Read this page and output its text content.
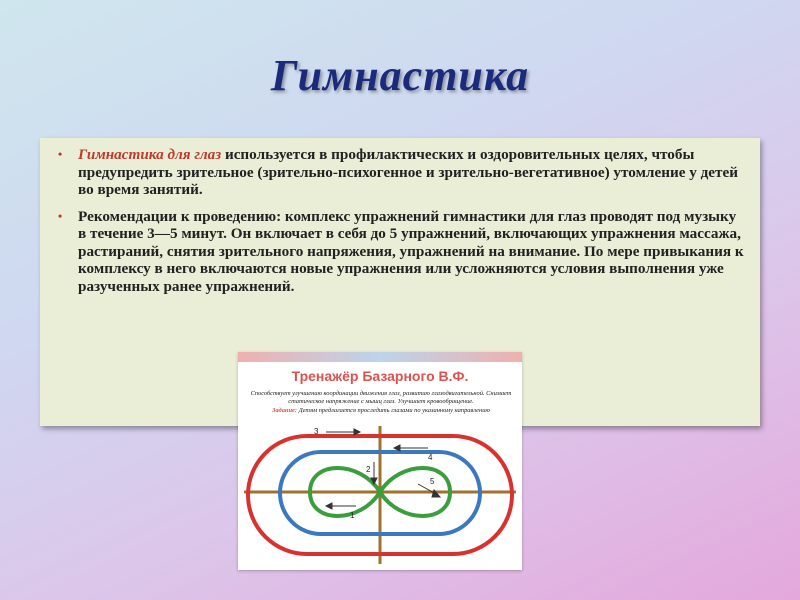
Гимнастика
• Гимнастика для глаз используется в профилактических и оздоровительных целях, чтобы предупредить зрительное (зрительно-психогенное и зрительно-вегетативное) утомление у детей во время занятий.
• Рекомендации к проведению: комплекс упражнений гимнастики для глаз проводят под музыку в течение 3—5 минут. Он включает в себя до 5 упражнений, включающих упражнения массажа, растираний, снятия зрительного напряжения, упражнений на внимание. По мере привыкания к комплексу в него включаются новые упражнения или усложняются условия выполнения уже разученных ранее упражнений.
Тренажёр Базарного В.Ф.
Способствует улучшению координации движения глаз, развитию глазодвигательной. Снимает статическое напряжение с мышц глаз. Улучшает кровообращение.
Задание: Детям предлагается проследить глазами по указанному направлению
1
2
3
4
5
